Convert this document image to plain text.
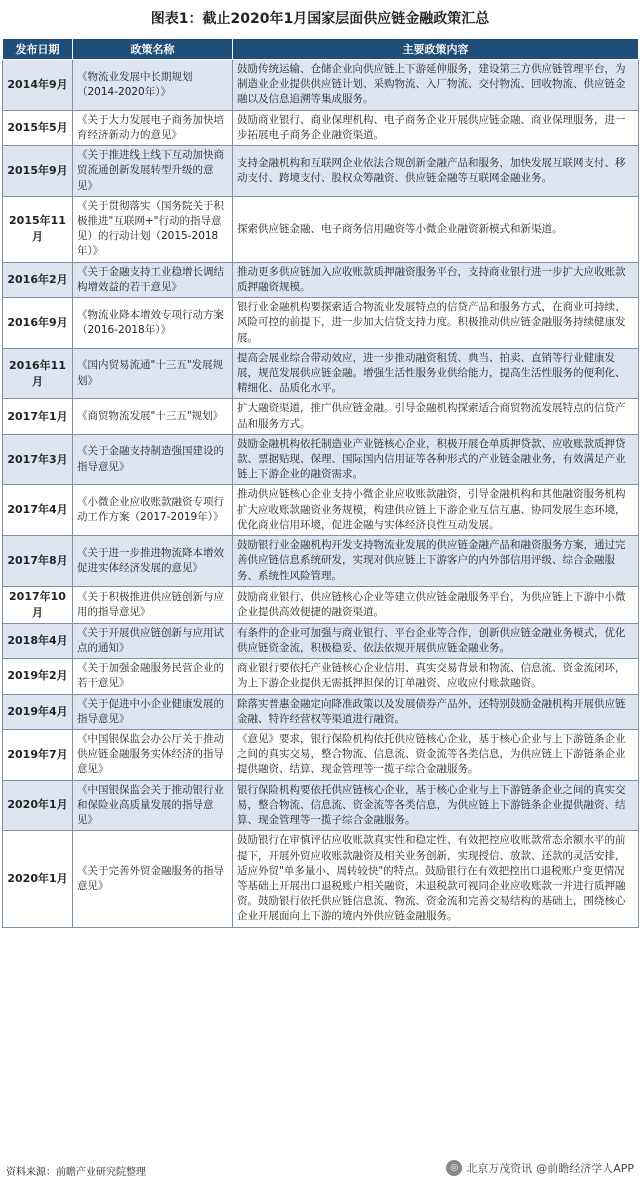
图表1：截止2020年1月国家层面供应链金融政策汇总
发布日期	政策名称	主要政策内容
2014年9月	《物流业发展中长期规划（2014-2020年）》	鼓励传统运输、仓储企业向供应链上下游延伸服务，建设第三方供应链管理平台，为制造业企业提供供应链计划、采购物流、入厂物流、交付物流、回收物流、供应链金融以及信息追溯等集成服务。
2015年5月	《关于大力发展电子商务加快培育经济新动力的意见》	鼓励商业银行、商业保理机构、电子商务企业开展供应链金融、商业保理服务，进一步拓展电子商务企业融资渠道。
2015年9月	《关于推进线上线下互动加快商贸流通创新发展转型升级的意见》	支持金融机构和互联网企业依法合规创新金融产品和服务，加快发展互联网支付、移动支付、跨境支付、股权众筹融资、供应链金融等互联网金融业务。
2015年11月	《关于贯彻落实（国务院关于积极推进"互联网+"行动的指导意见）的行动计划（2015-2018年）》	探索供应链金融、电子商务信用融资等小微企业融资新模式和新渠道。
2016年2月	《关于金融支持工业稳增长调结构增效益的若干意见》	推动更多供应链加入应收账款质押融资服务平台，支持商业银行进一步扩大应收账款质押融资规模。
2016年9月	《物流业降本增效专项行动方案（2016-2018年）》	银行业金融机构要探索适合物流业发展特点的信贷产品和服务方式，在商业可持续、风险可控的前提下，进一步加大信贷支持力度。积极推动供应链金融服务持续健康发展。
2016年11月	《国内贸易流通"十三五"发展规划》	提高会展业综合带动效应，进一步推动融资租赁、典当、拍卖、直销等行业健康发展，规范发展供应链金融。增强生活性服务业供给能力，提高生活性服务的便利化、精细化、品质化水平。
2017年1月	《商贸物流发展"十三五"规划》	扩大融资渠道，推广供应链金融。引导金融机构探索适合商贸物流发展特点的信贷产品和服务方式。
2017年3月	《关于金融支持制造强国建设的指导意见》	鼓励金融机构依托制造业产业链核心企业，积极开展仓单质押贷款、应收账款质押贷款、票据贴现、保理、国际国内信用证等各种形式的产业链金融业务，有效满足产业链上下游企业的融资需求。
2017年4月	《小微企业应收账款融资专项行动工作方案（2017-2019年）》	推动供应链核心企业支持小微企业应收账款融资，引导金融机构和其他融资服务机构扩大应收账款融资业务规模，构建供应链上下游企业互信互惠、协同发展生态环境，优化商业信用环境，促进金融与实体经济良性互动发展。
2017年8月	《关于进一步推进物流降本增效促进实体经济发展的意见》	鼓励银行业金融机构开发支持物流业发展的供应链金融产品和融资服务方案，通过完善供应链信息系统研发，实现对供应链上下游客户的内外部信用评级、综合金融服务、系统性风险管理。
2017年10月	《关于积极推进供应链创新与应用的指导意见》	鼓励商业银行、供应链核心企业等建立供应链金融服务平台，为供应链上下游中小微企业提供高效便捷的融资渠道。
2018年4月	《关于开展供应链创新与应用试点的通知》	有条件的企业可加强与商业银行、平台企业等合作，创新供应链金融业务模式，优化供应链资金流，积极稳妥、依法依规开展供应链金融业务。
2019年2月	《关于加强金融服务民营企业的若干意见》	商业银行要依托产业链核心企业信用、真实交易背景和物流、信息流、资金流闭环，为上下游企业提供无需抵押担保的订单融资、应收应付账款融资。
2019年4月	《关于促进中小企业健康发展的指导意见》	除落实普惠金融定向降准政策以及发展债券产品外，还特别鼓励金融机构开展供应链金融、特许经营权等渠道进行融资。
2019年7月	《中国银保监会办公厅关于推动供应链金融服务实体经济的指导意见》	《意见》要求，银行保险机构依托供应链核心企业，基于核心企业与上下游链条企业之间的真实交易，整合物流、信息流、资金流等各类信息，为供应链上下游链条企业提供融资、结算、现金管理等一揽子综合金融服务。
2020年1月	《中国银保监会关于推动银行业和保险业高质量发展的指导意见》	银行保险机构要依托供应链核心企业，基于核心企业与上下游链条企业之间的真实交易，整合物流、信息流、资金流等各类信息，为供应链上下游链条企业提供融资、结算、现金管理等一揽子综合金融服务。
2020年1月	《关于完善外贸金融服务的指导意见》	鼓励银行在审慎评估应收账款真实性和稳定性、有效把控应收账款常态余额水平的前提下，开展外贸应收账款融资及相关业务创新，实现授信、放款、还款的灵活安排，适应外贸"单多量小、周转较快"的特点。鼓励银行在有效把控出口退税账户变更情况等基础上开展出口退税账户相关融资，未退税款可视同企业应收账款一并进行质押融资。鼓励银行依托供应链信息流、物流、资金流和完善交易结构的基础上，围绕核心企业开展面向上下游的境内外供应链金融服务。
资料来源：前瞻产业研究院整理	◎ 北京万茂资讯 @前瞻经济学人APP
